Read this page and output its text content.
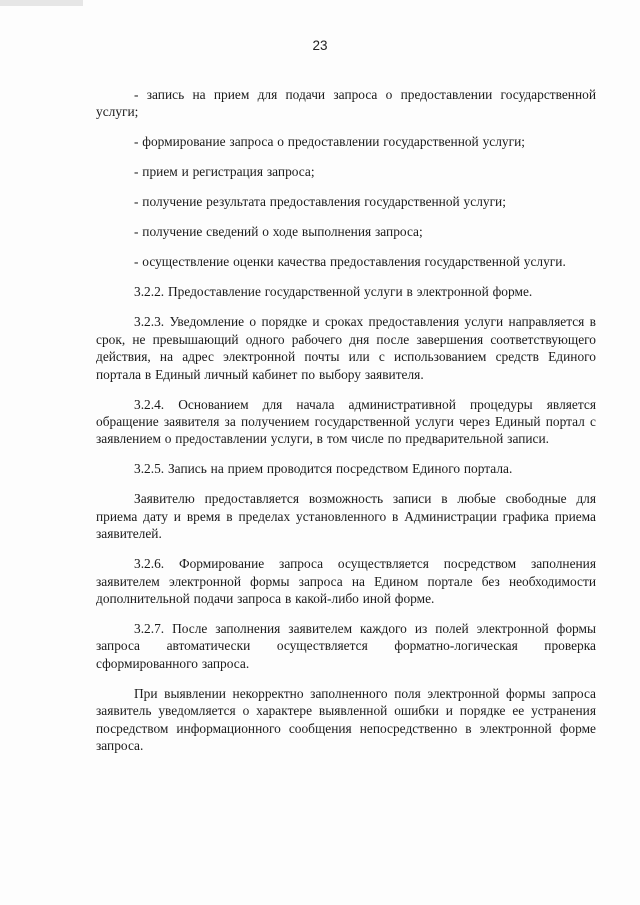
23

- запись на прием для подачи запроса о предоставлении государственной услуги;

- формирование запроса о предоставлении государственной услуги;

- прием и регистрация запроса;

- получение результата предоставления государственной услуги;

- получение сведений о ходе выполнения запроса;

- осуществление оценки качества предоставления государственной услуги.

3.2.2. Предоставление государственной услуги в электронной форме.

3.2.3. Уведомление о порядке и сроках предоставления услуги направляется в срок, не превышающий одного рабочего дня после завершения соответствующего действия, на адрес электронной почты или с использованием средств Единого портала в Единый личный кабинет по выбору заявителя.

3.2.4. Основанием для начала административной процедуры является обращение заявителя за получением государственной услуги через Единый портал с заявлением о предоставлении услуги, в том числе по предварительной записи.

3.2.5. Запись на прием проводится посредством Единого портала.

Заявителю предоставляется возможность записи в любые свободные для приема дату и время в пределах установленного в Администрации графика приема заявителей.

3.2.6. Формирование запроса осуществляется посредством заполнения заявителем электронной формы запроса на Едином портале без необходимости дополнительной подачи запроса в какой-либо иной форме.

3.2.7. После заполнения заявителем каждого из полей электронной формы запроса автоматически осуществляется форматно-логическая проверка сформированного запроса.

При выявлении некорректно заполненного поля электронной формы запроса заявитель уведомляется о характере выявленной ошибки и порядке ее устранения посредством информационного сообщения непосредственно в электронной форме запроса.
